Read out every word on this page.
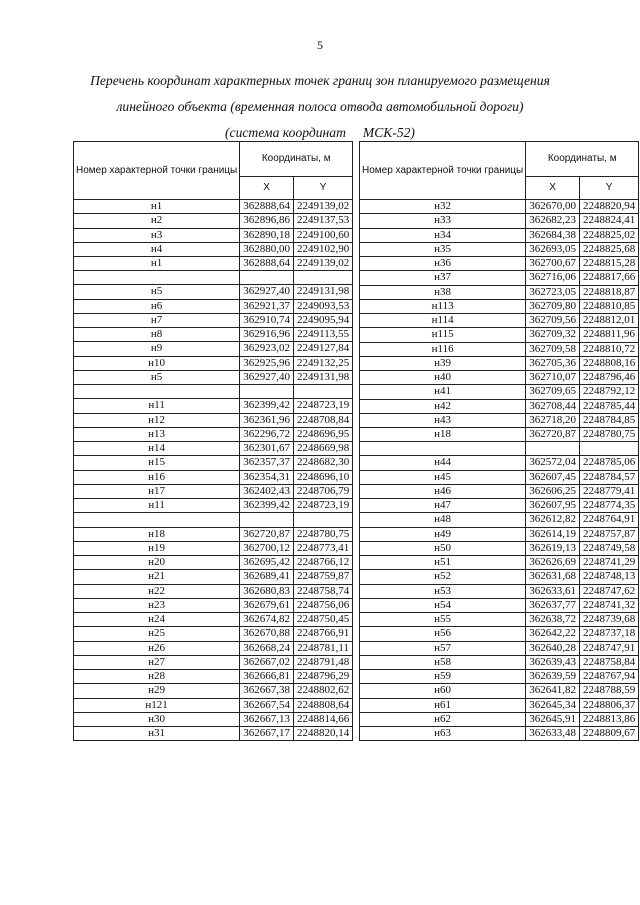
5
Перечень координат характерных точек границ зон планируемого размещения
линейного объекта (временная полоса отвода автомобильной дороги)
(система координат     МСК-52)
Номер характерной точки границы	Координаты, м	
	X	Y
н1	362888,64	2249139,02
н2	362896,86	2249137,53
н3	362890,18	2249100,60
н4	362880,00	2249102,90
н1	362888,64	2249139,02

н5	362927,40	2249131,98
н6	362921,37	2249093,53
н7	362910,74	2249095,94
н8	362916,96	2249113,55
н9	362923,02	2249127,84
н10	362925,96	2249132,25
н5	362927,40	2249131,98

н11	362399,42	2248723,19
н12	362361,96	2248708,84
н13	362296,72	2248696,95
н14	362301,67	2248669,98
н15	362357,37	2248682,30
н16	362354,31	2248696,10
н17	362402,43	2248706,79
н11	362399,42	2248723,19

н18	362720,87	2248780,75
н19	362700,12	2248773,41
н20	362695,42	2248766,12
н21	362689,41	2248759,87
н22	362680,83	2248758,74
н23	362679,61	2248756,06
н24	362674,82	2248750,45
н25	362670,88	2248766,91
н26	362668,24	2248781,11
н27	362667,02	2248791,48
н28	362666,81	2248796,29
н29	362667,38	2248802,62
н121	362667,54	2248808,64
н30	362667,13	2248814,66
н31	362667,17	2248820,14
Номер характерной точки границы	Координаты, м	
	X	Y
н32	362670,00	2248820,94
н33	362682,23	2248824,41
н34	362684,38	2248825,02
н35	362693,05	2248825,68
н36	362700,67	2248815,28
н37	362716,06	2248817,66
н38	362723,05	2248818,87
н113	362709,80	2248810,85
н114	362709,56	2248812,01
н115	362709,32	2248811,96
н116	362709,58	2248810,72
н39	362705,36	2248808,16
н40	362710,07	2248796,46
н41	362709,65	2248792,12
н42	362708,44	2248785,44
н43	362718,20	2248784,85
н18	362720,87	2248780,75

н44	362572,04	2248785,06
н45	362607,45	2248784,57
н46	362606,25	2248779,41
н47	362607,95	2248774,35
н48	362612,82	2248764,91
н49	362614,19	2248757,87
н50	362619,13	2248749,58
н51	362626,69	2248741,29
н52	362631,68	2248748,13
н53	362633,61	2248747,62
н54	362637,77	2248741,32
н55	362638,72	2248739,68
н56	362642,22	2248737,18
н57	362640,28	2248747,91
н58	362639,43	2248758,84
н59	362639,59	2248767,94
н60	362641,82	2248788,59
н61	362645,34	2248806,37
н62	362645,91	2248813,86
н63	362633,48	2248809,67
